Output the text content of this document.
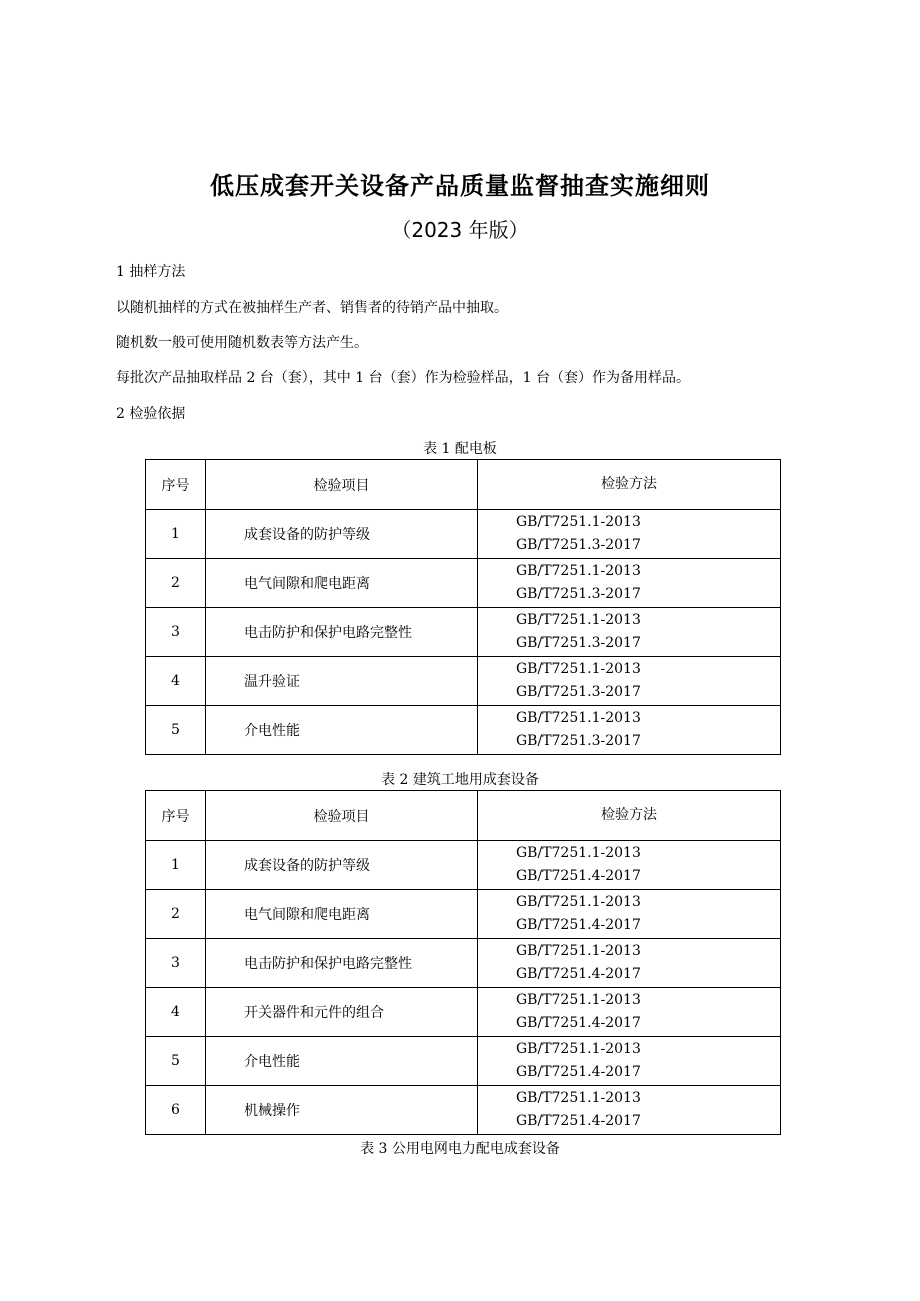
低压成套开关设备产品质量监督抽查实施细则
（2023 年版）
1 抽样方法
以随机抽样的方式在被抽样生产者、销售者的待销产品中抽取。
随机数一般可使用随机数表等方法产生。
每批次产品抽取样品 2 台（套），其中 1 台（套）作为检验样品，1 台（套）作为备用样品。
2 检验依据
表 1 配电板
序号	检验项目	检验方法
1	成套设备的防护等级	GB/T7251.1-2013
GB/T7251.3-2017

2	电气间隙和爬电距离	GB/T7251.1-2013
GB/T7251.3-2017

3	电击防护和保护电路完整性	GB/T7251.1-2013
GB/T7251.3-2017

4	温升验证	GB/T7251.1-2013
GB/T7251.3-2017

5	介电性能	GB/T7251.1-2013
GB/T7251.3-2017
表 2 建筑工地用成套设备
序号	检验项目	检验方法
1	成套设备的防护等级	GB/T7251.1-2013
GB/T7251.4-2017

2	电气间隙和爬电距离	GB/T7251.1-2013
GB/T7251.4-2017

3	电击防护和保护电路完整性	GB/T7251.1-2013
GB/T7251.4-2017

4	开关器件和元件的组合	GB/T7251.1-2013
GB/T7251.4-2017

5	介电性能	GB/T7251.1-2013
GB/T7251.4-2017

6	机械操作	GB/T7251.1-2013
GB/T7251.4-2017
表 3 公用电网电力配电成套设备
